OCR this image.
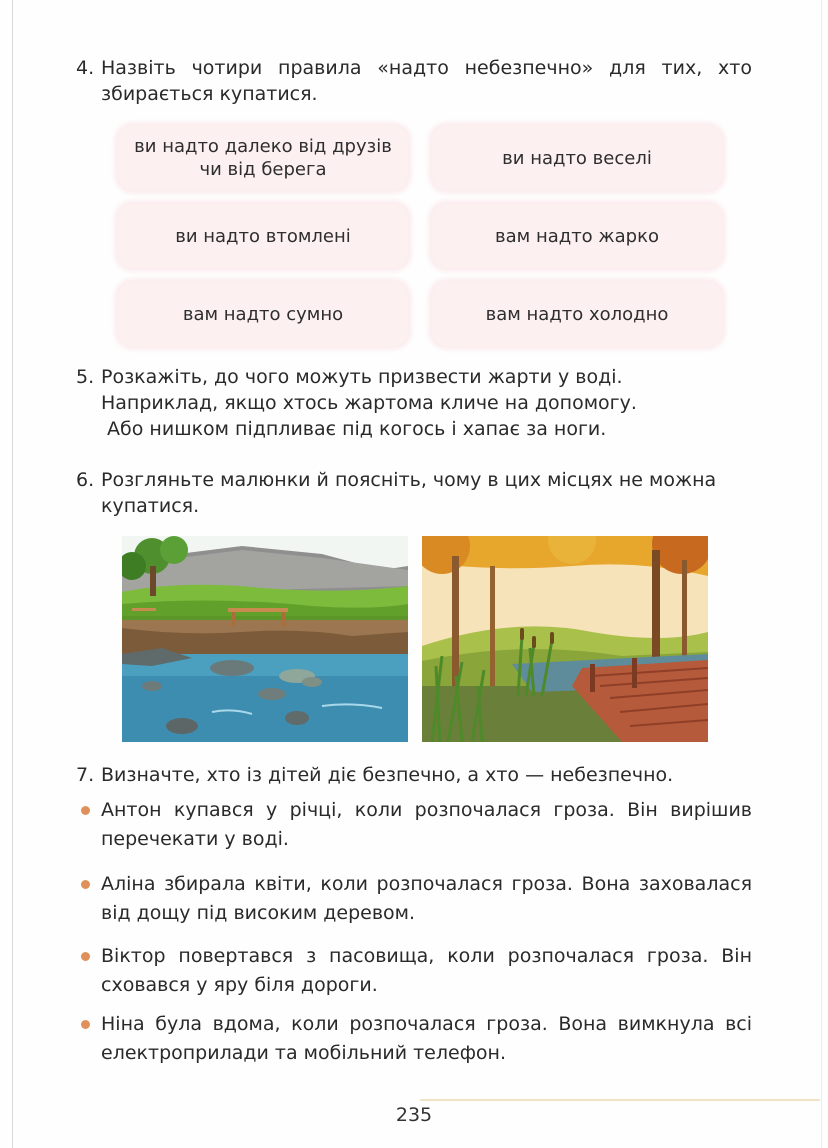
4. Назвіть чотири правила «надто небезпечно» для тих, хто
збирається купатися.
ви надто далеко від друзів чи від берега
ви надто веселі
ви надто втомлені	вам надто жарко
вам надто сумно	вам надто холодно
5. Розкажіть, до чого можуть призвести жарти у воді.
Наприклад, якщо хтось жартома кличе на допомогу.
Або нишком підпливає під когось і хапає за ноги.
6. Розгляньте малюнки й поясніть, чому в цих місцях не можна
купатися.
7. Визначте, хто із дітей діє безпечно, а хто — небезпечно.
Антон купався у річці, коли розпочалася гроза. Він вирішив перечекати у воді.
Аліна збирала квіти, коли розпочалася гроза. Вона заховалася від дощу під високим деревом.
Віктор повертався з пасовища, коли розпочалася гроза. Він сховався у яру біля дороги.
Ніна була вдома, коли розпочалася гроза. Вона вимкнула всі електроприлади та мобільний телефон.
235
